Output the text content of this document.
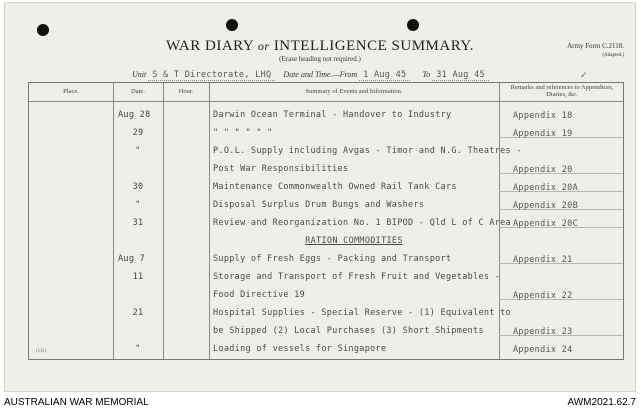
WAR DIARY or INTELLIGENCE SUMMARY.
(Erase heading not required.)
Army Form C.2118.
(Adapted.)
Unit S & T Directorate, LHQ Date and Time.—From 1 Aug 45 To 31 Aug 45	✓
Place.	Date.	Hour.	Summary of Events and Information.
Remarks and references to Appendices, Diaries, &c.
Aug 28	Darwin Ocean Terminal - Handover to Industry	Appendix 18
29	" " " " " "	Appendix 19
"	P.O.L. Supply including Avgas - Timor and N.G. Theatres -
Post War Responsibilities	Appendix 20
30	Maintenance Commonwealth Owned Rail Tank Cars	Appendix 20A
"	Disposal Surplus Drum Bungs and Washers	Appendix 20B
31	Review and Reorganization No. 1 BIPOD - Qld L of C Area Appendix 20C
RATION COMMODITIES
Aug 7	Supply of Fresh Eggs - Packing and Transport	Appendix 21
11	Storage and Transport of Fresh Fruit and Vegetables -
Food Directive 19	Appendix 22
21	Hospital Supplies - Special Reserve - (1) Equivalent to
be Shipped (2) Local Purchases (3) Short Shipments	Appendix 23
"	Loading of vessels for Singapore	Appendix 24
(111)
AUSTRALIAN WAR MEMORIAL	AWM2021.62.7
